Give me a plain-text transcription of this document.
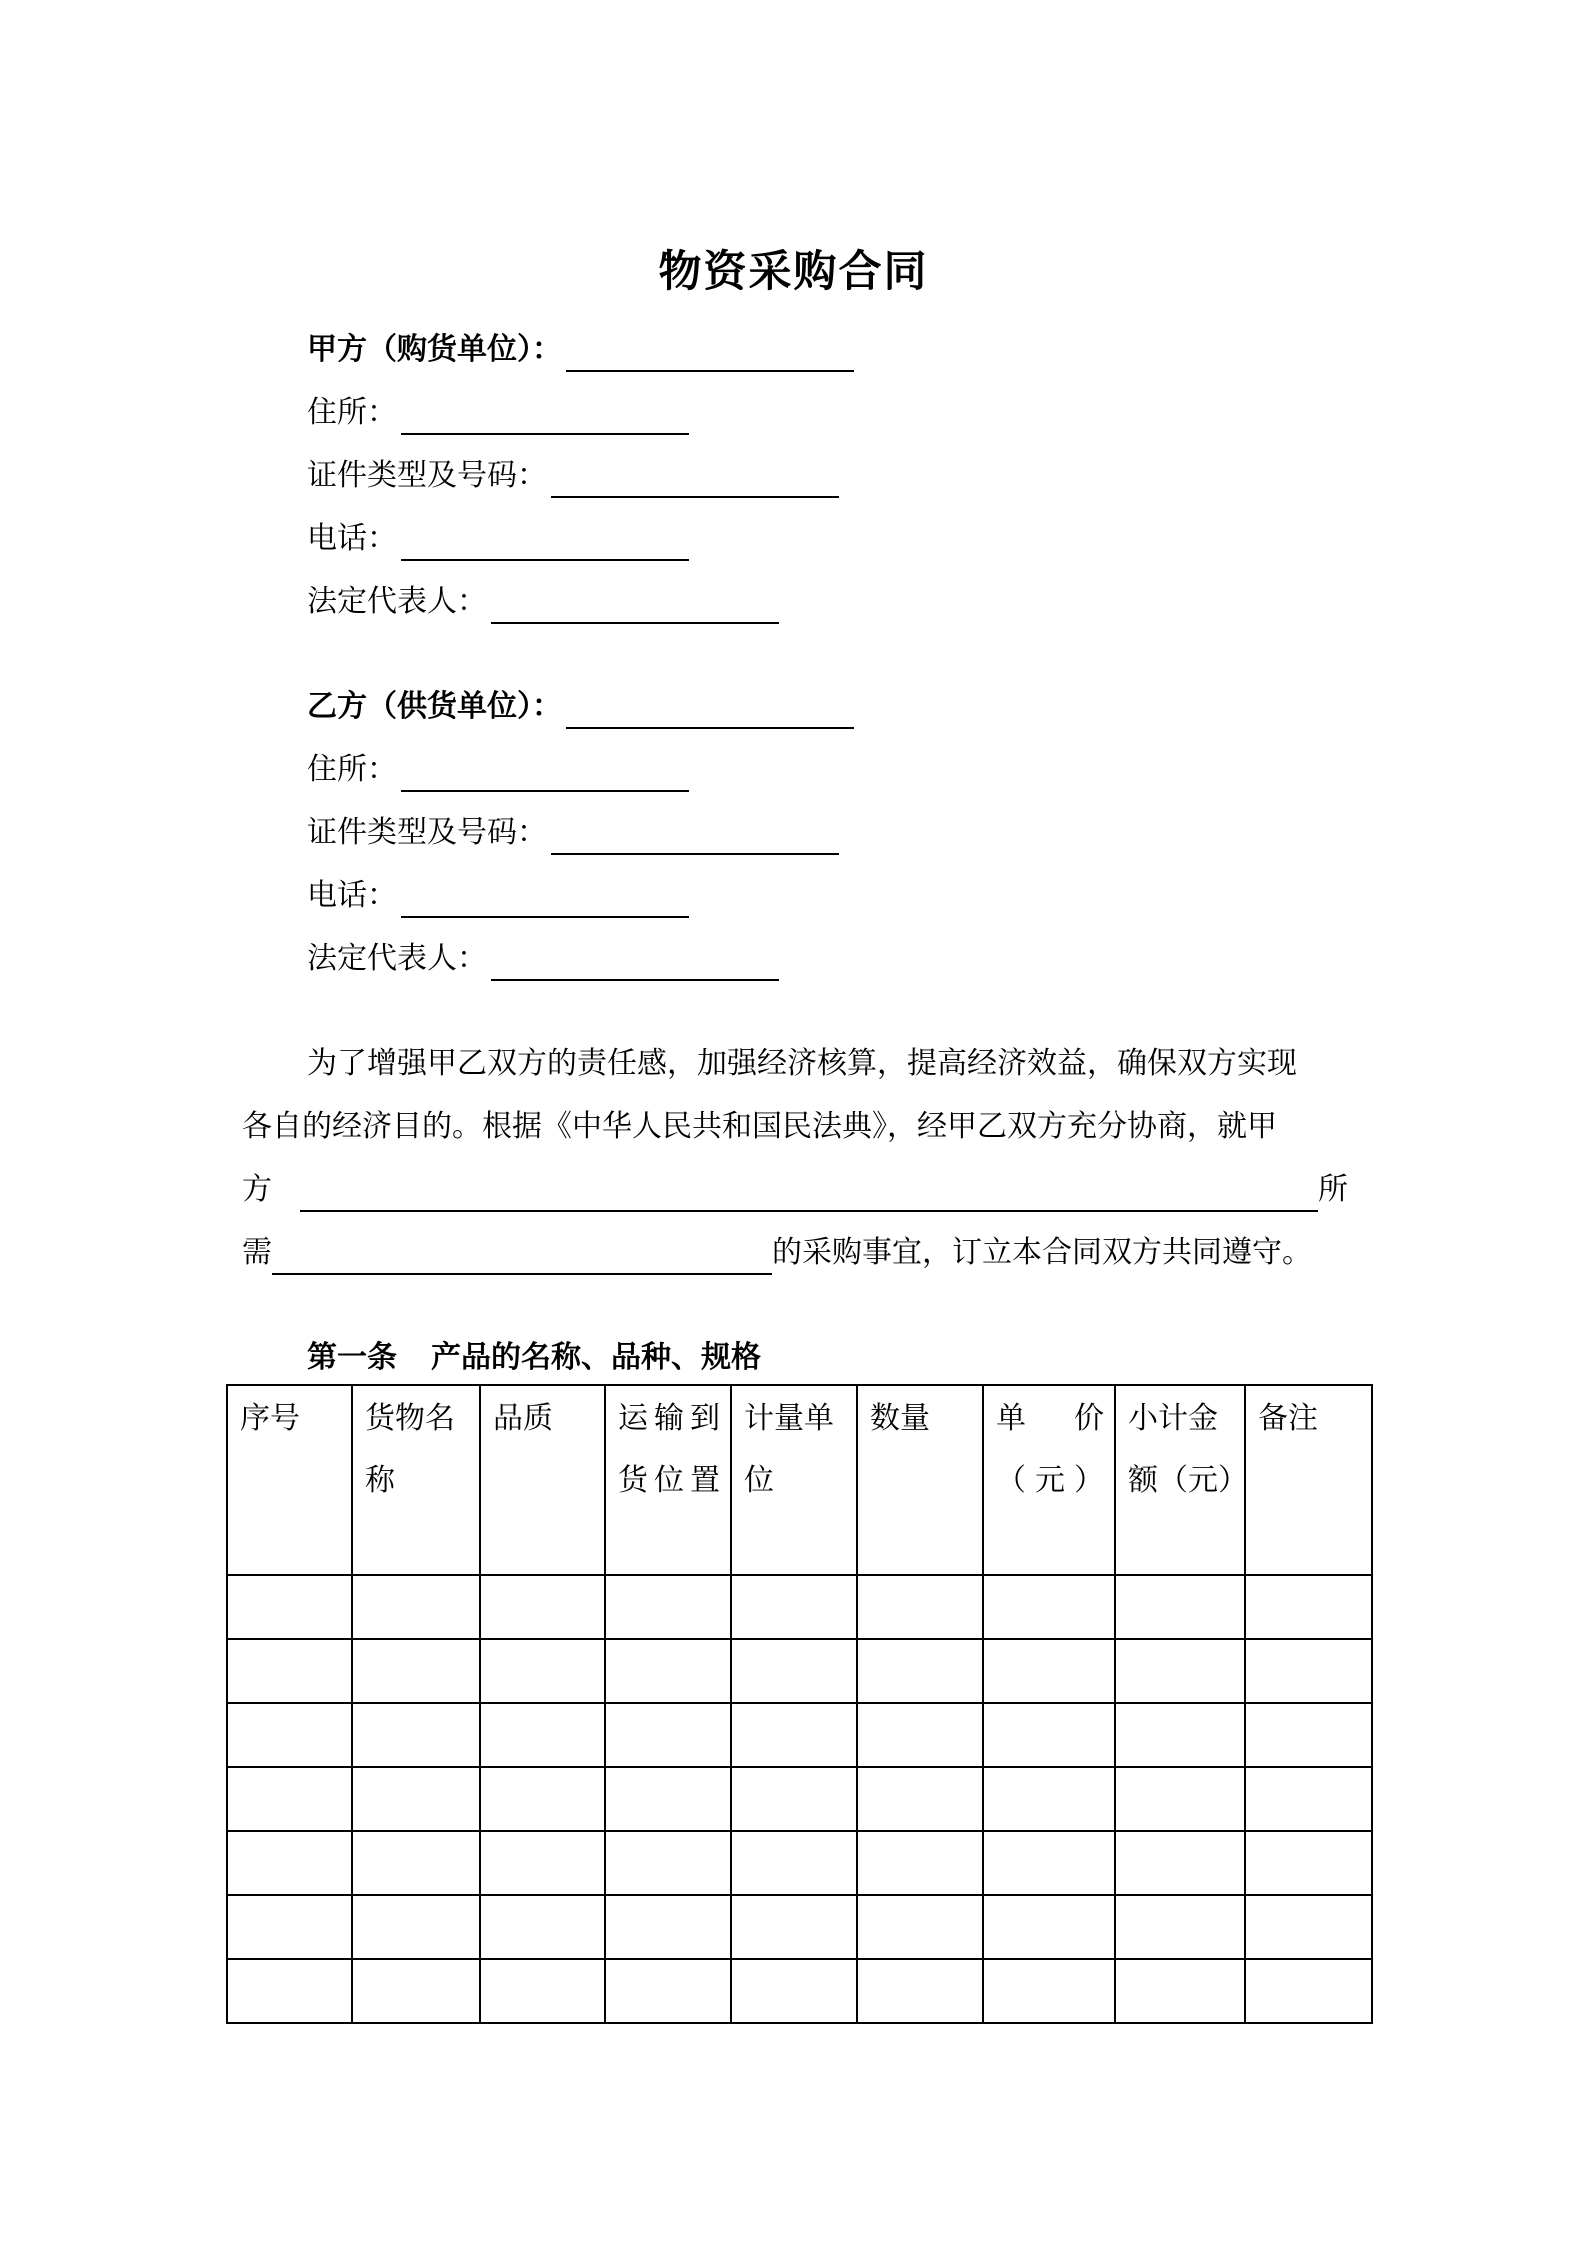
物资采购合同
甲方（购货单位）：
住所：
证件类型及号码：
电话：
法定代表人：
乙方（供货单位）：
住所：
证件类型及号码：
电话：
法定代表人：
为了增强甲乙双方的责任感，加强经济核算，提高经济效益，确保双方实现
各自的经济目的。根据《中华人民共和国民法典》，经甲乙双方充分协商，就甲
方	所
需	的采购事宜，订立本合同双方共同遵守。
第一条 产品的名称、品种、规格
序号	货物名称	品质	运输到货位置	计量单位	数量	单价（元）	小计金额（元）	备注
